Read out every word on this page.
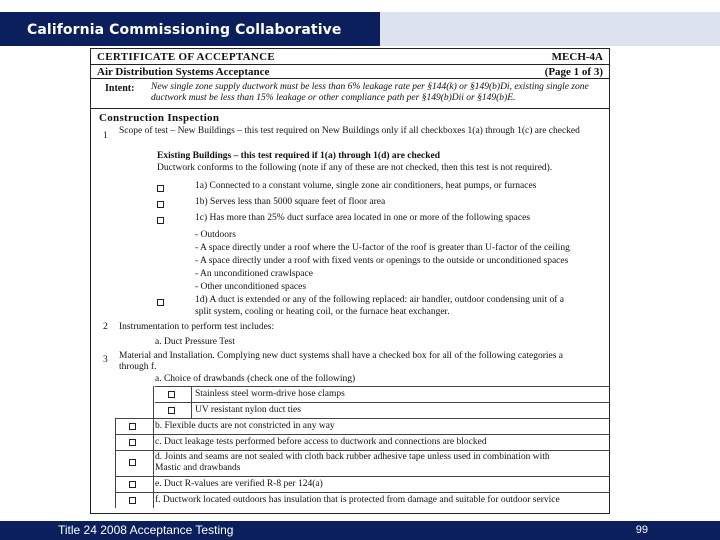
California Commissioning Collaborative
CERTIFICATE OF ACCEPTANCE	MECH-4A
Air Distribution Systems Acceptance	(Page 1 of 3)
Intent: New single zone supply ductwork must be less than 6% leakage rate per §144(k) or §149(b)Di, existing single zone ductwork must be less than 15% leakage or other compliance path per §149(b)Dii or §149(b)E.
Construction Inspection
1 Scope of test – New Buildings – this test required on New Buildings only if all checkboxes 1(a) through 1(c) are checked
Existing Buildings – this test required if 1(a) through 1(d) are checked
Ductwork conforms to the following (note if any of these are not checked, then this test is not required).
1a) Connected to a constant volume, single zone air conditioners, heat pumps, or furnaces
1b) Serves less than 5000 square feet of floor area
1c) Has more than 25% duct surface area located in one or more of the following spaces
- Outdoors
- A space directly under a roof where the U-factor of the roof is greater than U-factor of the ceiling
- A space directly under a roof with fixed vents or openings to the outside or unconditioned spaces
- An unconditioned crawlspace
- Other unconditioned spaces
1d) A duct is extended or any of the following replaced: air handler, outdoor condensing unit of a
split system, cooling or heating coil, or the furnace heat exchanger.
2 Instrumentation to perform test includes:
a. Duct Pressure Test
3 Material and Installation. Complying new duct systems shall have a checked box for all of the following categories a
through f.
a. Choice of drawbands (check one of the following)
Stainless steel worm-drive hose clamps
UV resistant nylon duct ties
b. Flexible ducts are not constricted in any way
c. Duct leakage tests performed before access to ductwork and connections are blocked
d. Joints and seams are not sealed with cloth back rubber adhesive tape unless used in combination with
Mastic and drawbands
e. Duct R-values are verified R-8 per 124(a)
f. Ductwork located outdoors has insulation that is protected from damage and suitable for outdoor service
Title 24 2008 Acceptance Testing	99
